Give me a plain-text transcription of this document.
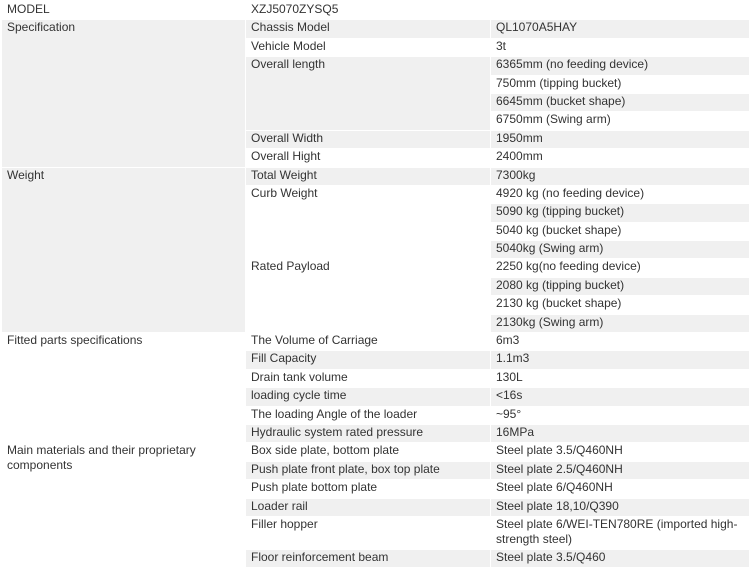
MODEL	XZJ5070ZYSQ5	
Specification	Chassis Model	QL1070A5HAY
	Vehicle Model	3t
	Overall length	6365mm (no feeding device)
		750mm (tipping bucket)
		6645mm (bucket shape)
		6750mm (Swing arm)
	Overall Width	1950mm
	Overall Hight	2400mm
Weight	Total Weight	7300kg
	Curb Weight	4920 kg (no feeding device)
		5090 kg (tipping bucket)
		5040 kg (bucket shape)
		5040kg (Swing arm)
	Rated Payload	2250 kg(no feeding device)
		2080 kg (tipping bucket)
		2130 kg (bucket shape)
		2130kg (Swing arm)
Fitted parts specifications	The Volume of Carriage	6m3
	Fill Capacity	1.1m3
	Drain tank volume	130L
	loading cycle time	<16s
	The loading Angle of the loader	~95°
	Hydraulic system rated pressure	16MPa
Main materials and their proprietary components	Box side plate, bottom plate	Steel plate 3.5/Q460NH
	Push plate front plate, box top plate	Steel plate 2.5/Q460NH
	Push plate bottom plate	Steel plate 6/Q460NH
	Loader rail	Steel plate 18,10/Q390
	Filler hopper	Steel plate 6/WEI-TEN780RE (imported high-strength steel)
	Floor reinforcement beam	Steel plate 3.5/Q460
